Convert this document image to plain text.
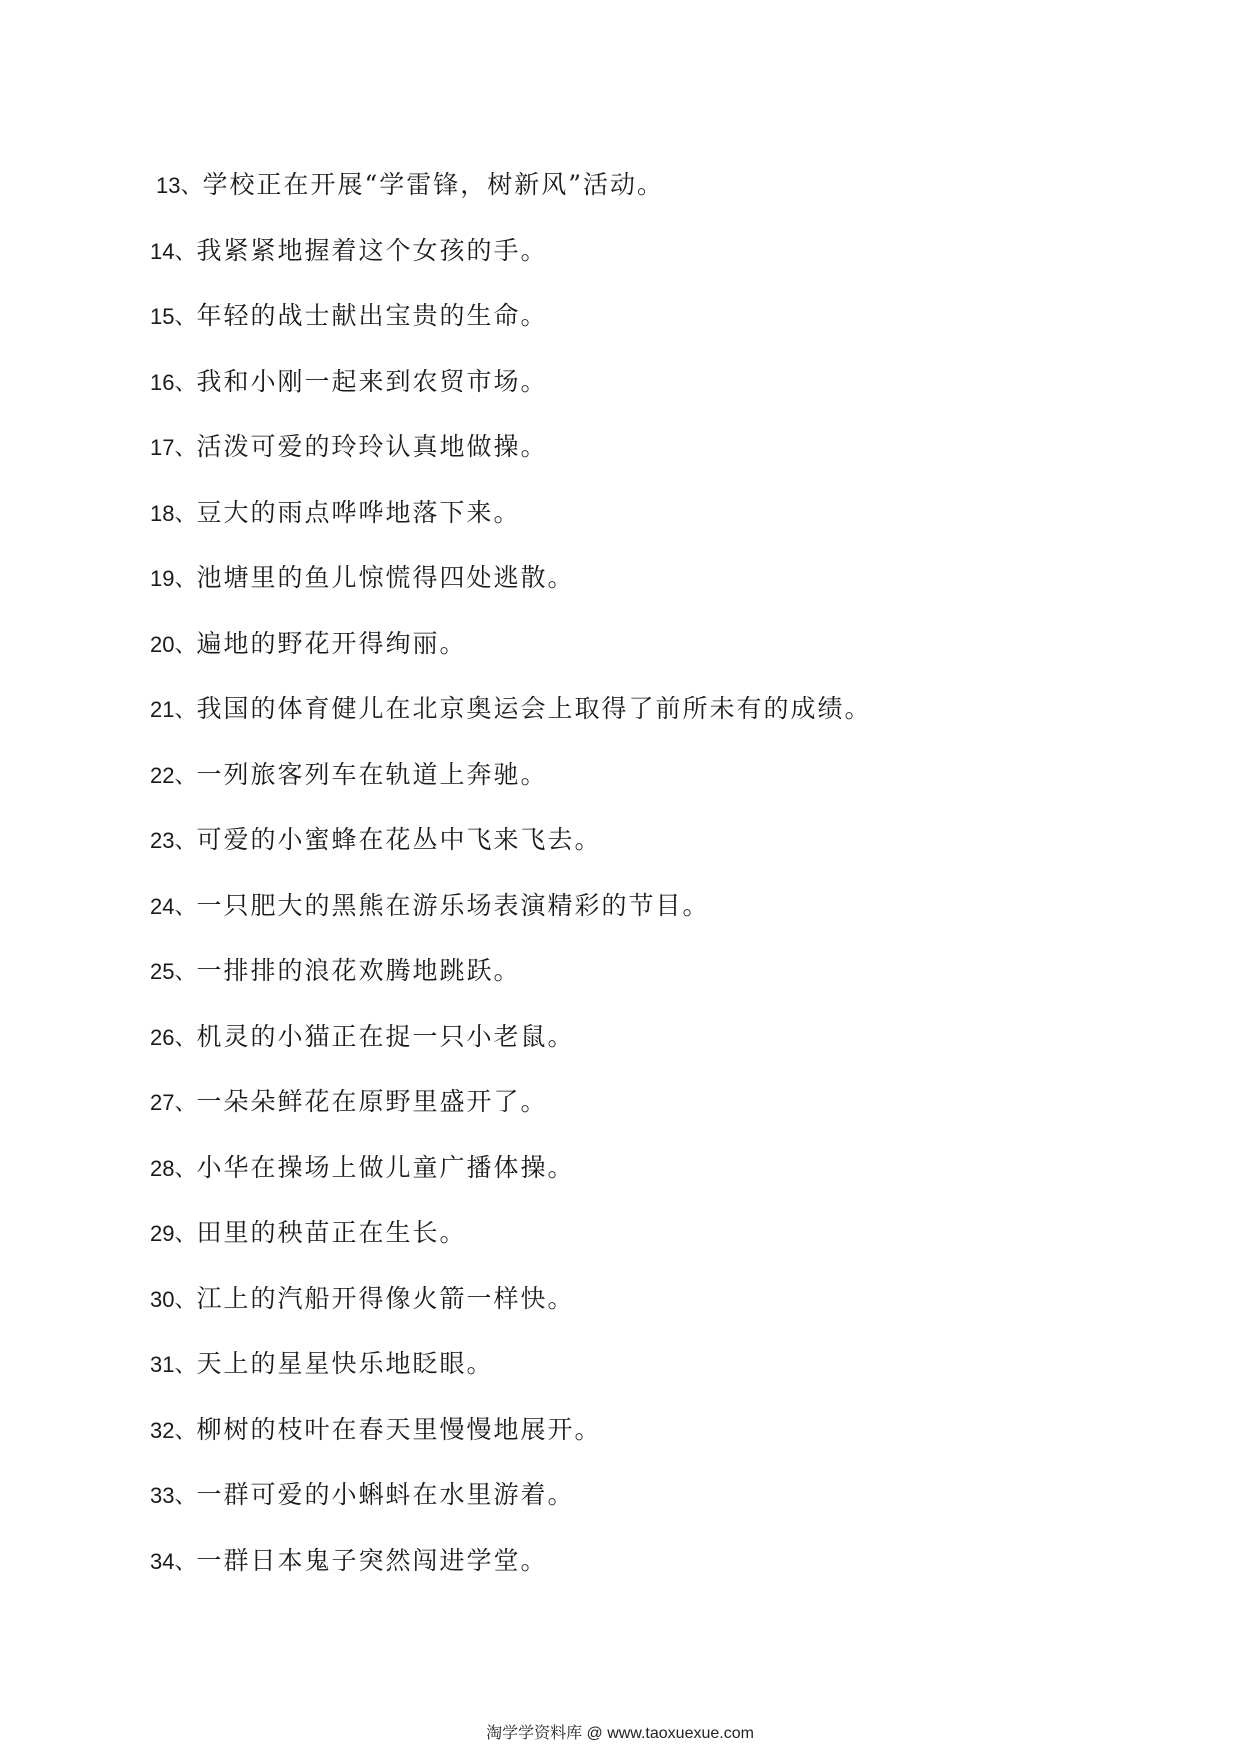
13、学校正在开展“学雷锋，树新风”活动。
14、我紧紧地握着这个女孩的手。
15、年轻的战士献出宝贵的生命。
16、我和小刚一起来到农贸市场。
17、活泼可爱的玲玲认真地做操。
18、豆大的雨点哗哗地落下来。
19、池塘里的鱼儿惊慌得四处逃散。
20、遍地的野花开得绚丽。
21、我国的体育健儿在北京奥运会上取得了前所未有的成绩。
22、一列旅客列车在轨道上奔驰。
23、可爱的小蜜蜂在花丛中飞来飞去。
24、一只肥大的黑熊在游乐场表演精彩的节目。
25、一排排的浪花欢腾地跳跃。
26、机灵的小猫正在捉一只小老鼠。
27、一朵朵鲜花在原野里盛开了。
28、小华在操场上做儿童广播体操。
29、田里的秧苗正在生长。
30、江上的汽船开得像火箭一样快。
31、天上的星星快乐地眨眼。
32、柳树的枝叶在春天里慢慢地展开。
33、一群可爱的小蝌蚪在水里游着。
34、一群日本鬼子突然闯进学堂。
淘学学资料库 @ www.taoxuexue.com
